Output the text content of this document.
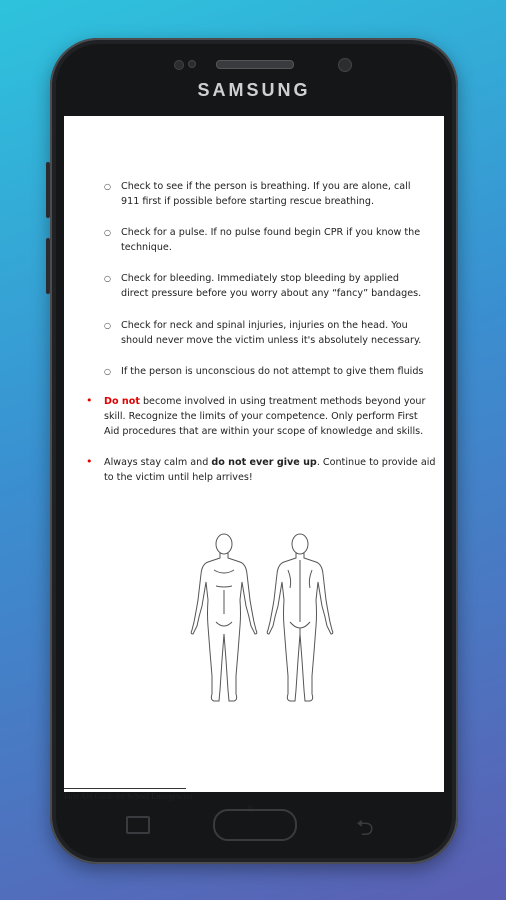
SAMSUNG
○ Check to see if the person is breathing. If you are alone, call
911 first if possible before starting rescue breathing.
○ Check for a pulse. If no pulse found begin CPR if you know the
technique.
○ Check for bleeding. Immediately stop bleeding by applied
direct pressure before you worry about any “fancy” bandages.
○ Check for neck and spinal injuries, injuries on the head. You
should never move the victim unless it's absolutely necessary.
○ If the person is unconscious do not attempt to give them fluids
• Do not become involved in using treatment methods beyond your
skill. Recognize the limits of your competence. Only perform First
Aid procedures that are within your scope of knowledge and skills.
• Always stay calm and do not ever give up. Continue to provide aid
to the victim until help arrives!
First Aid Guide for School Emergencies
6
⮌
